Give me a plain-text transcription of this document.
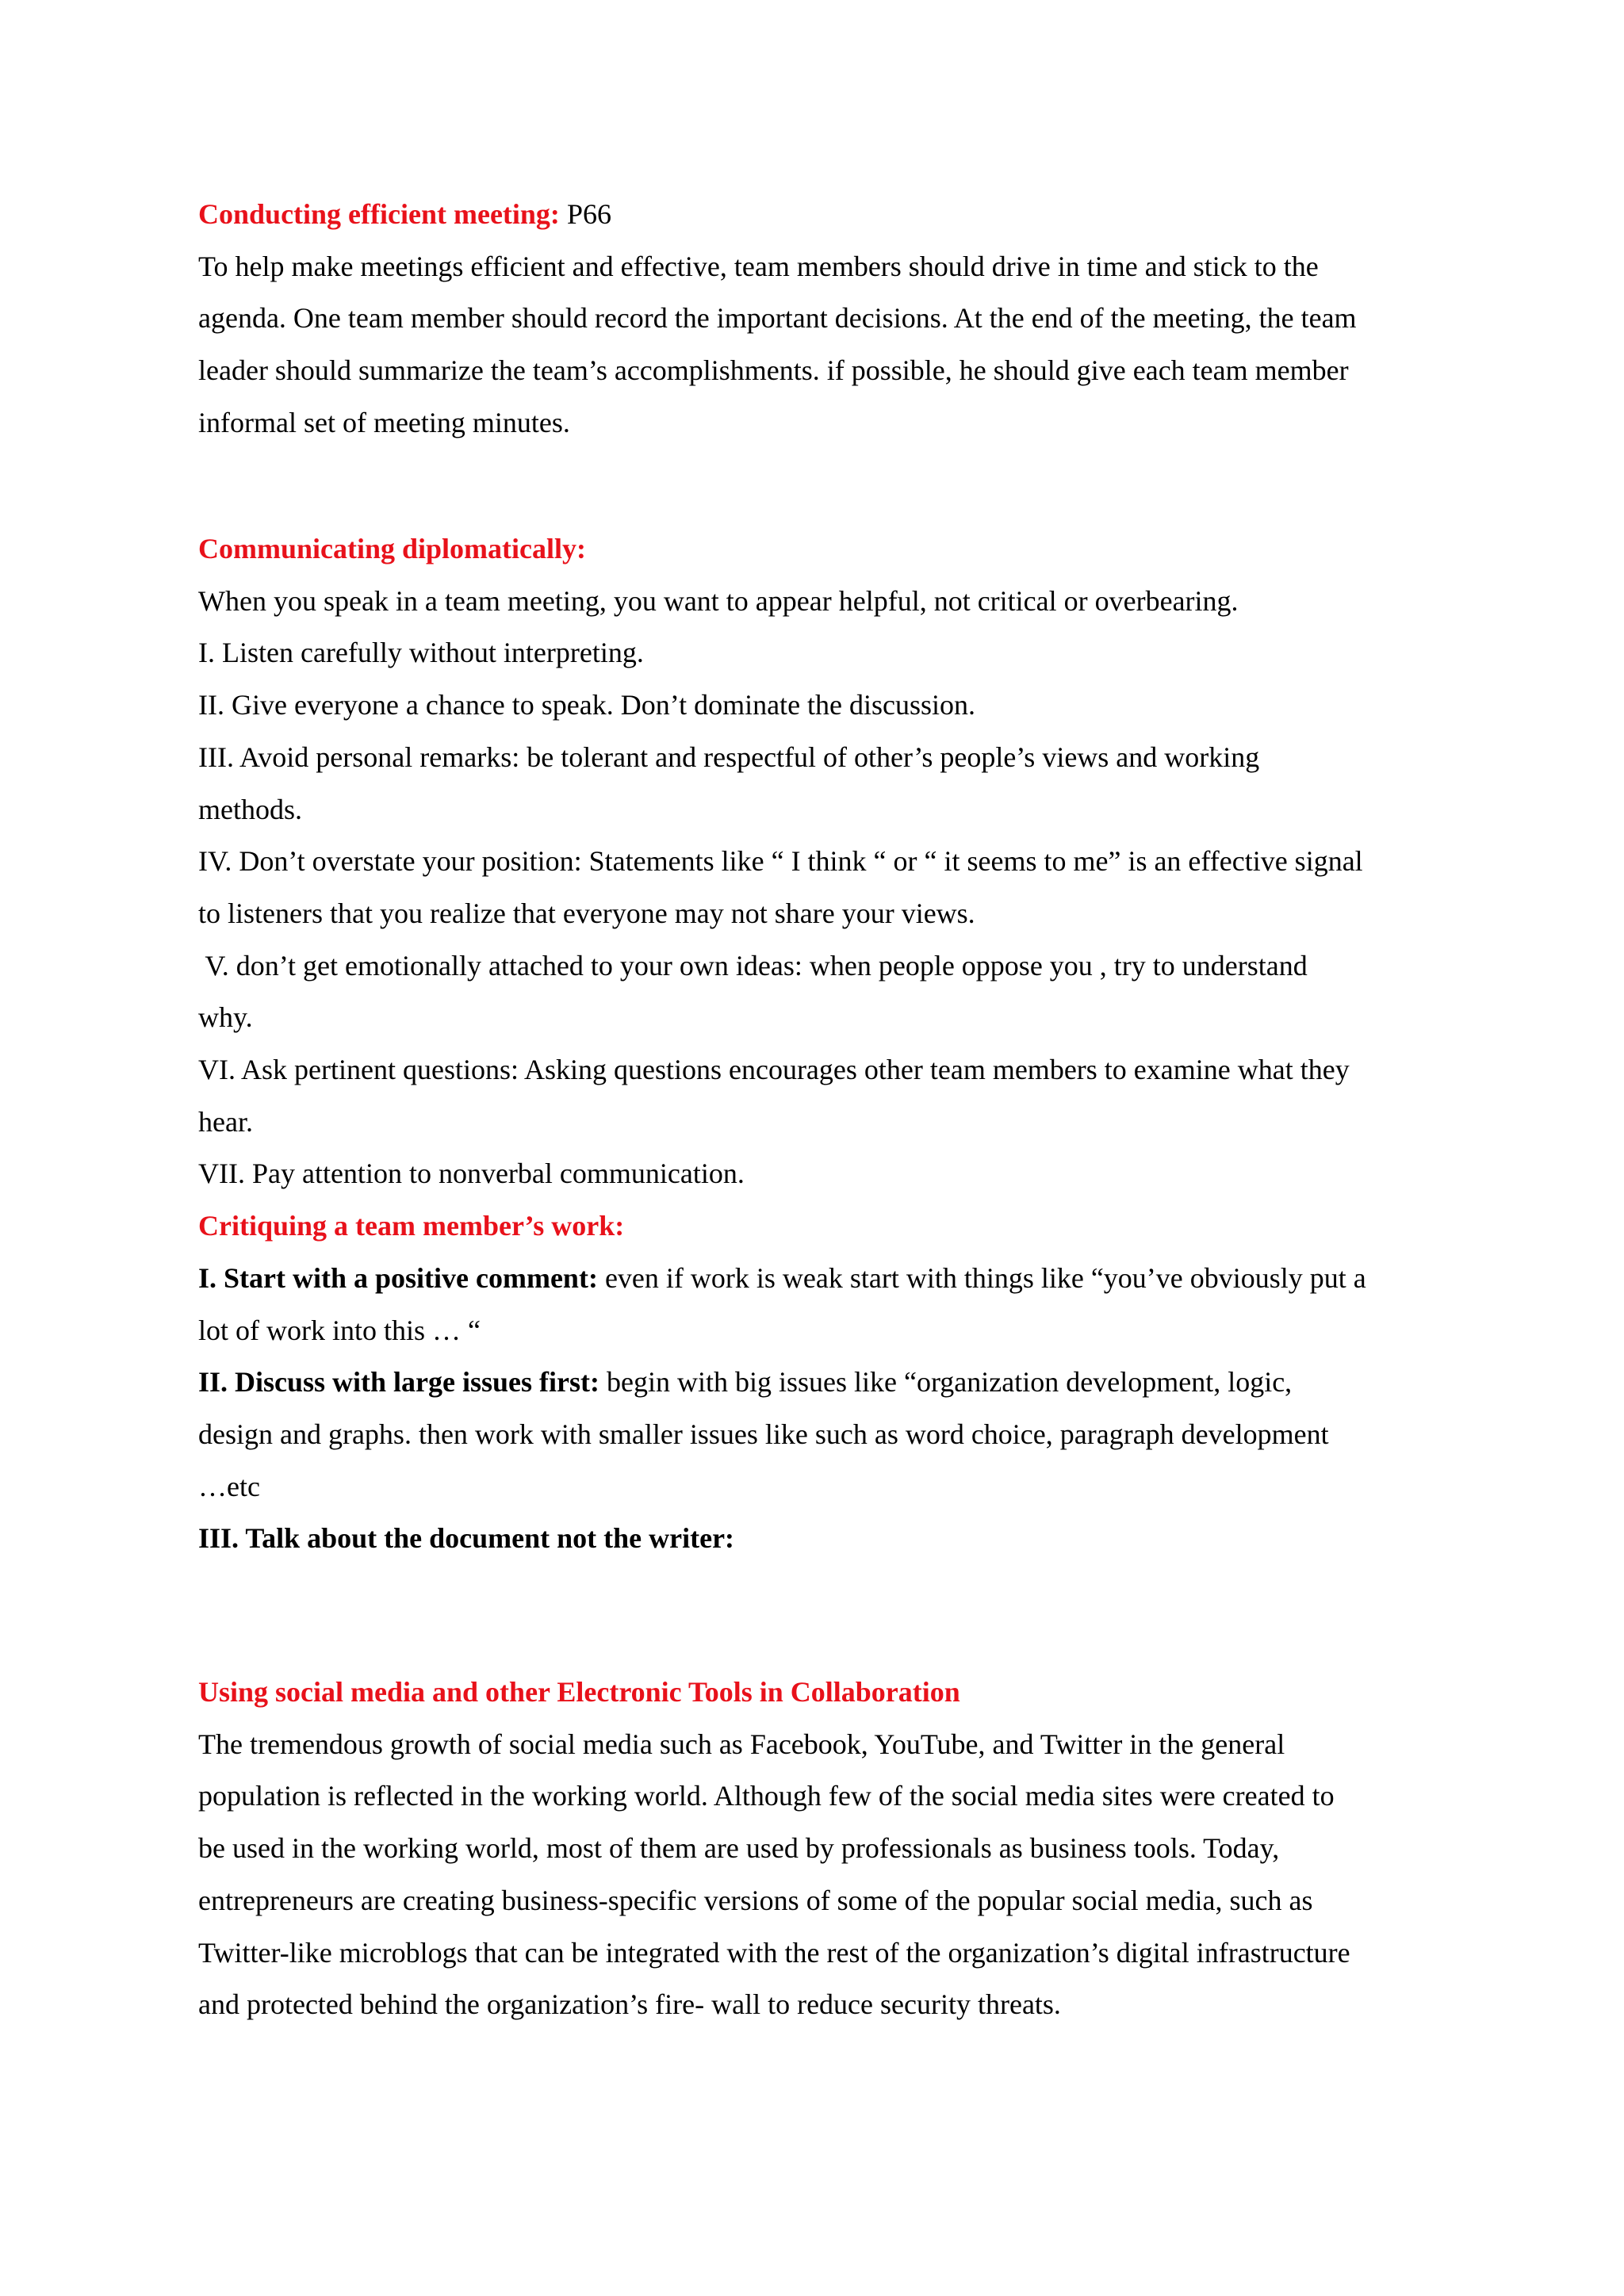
Conducting efficient meeting: P66
To help make meetings efficient and effective, team members should drive in time and stick to the
agenda. One team member should record the important decisions. At the end of the meeting, the team
leader should summarize the team’s accomplishments. if possible, he should give each team member
informal set of meeting minutes.
Communicating diplomatically:
When you speak in a team meeting, you want to appear helpful, not critical or overbearing.
I. Listen carefully without interpreting.
II. Give everyone a chance to speak. Don’t dominate the discussion.
III. Avoid personal remarks: be tolerant and respectful of other’s people’s views and working
methods.
IV. Don’t overstate your position: Statements like “ I think “ or “ it seems to me” is an effective signal
to listeners that you realize that everyone may not share your views.
V. don’t get emotionally attached to your own ideas: when people oppose you , try to understand
why.
VI. Ask pertinent questions: Asking questions encourages other team members to examine what they
hear.
VII. Pay attention to nonverbal communication.
Critiquing a team member’s work:
I. Start with a positive comment: even if work is weak start with things like “you’ve obviously put a
lot of work into this … “
II. Discuss with large issues first: begin with big issues like “organization development, logic,
design and graphs. then work with smaller issues like such as word choice, paragraph development
…etc
III. Talk about the document not the writer:
Using social media and other Electronic Tools in Collaboration
The tremendous growth of social media such as Facebook, YouTube, and Twitter in the general
population is reflected in the working world. Although few of the social media sites were created to
be used in the working world, most of them are used by professionals as business tools. Today,
entrepreneurs are creating business-specific versions of some of the popular social media, such as
Twitter-like microblogs that can be integrated with the rest of the organization’s digital infrastructure
and protected behind the organization’s fire- wall to reduce security threats.
